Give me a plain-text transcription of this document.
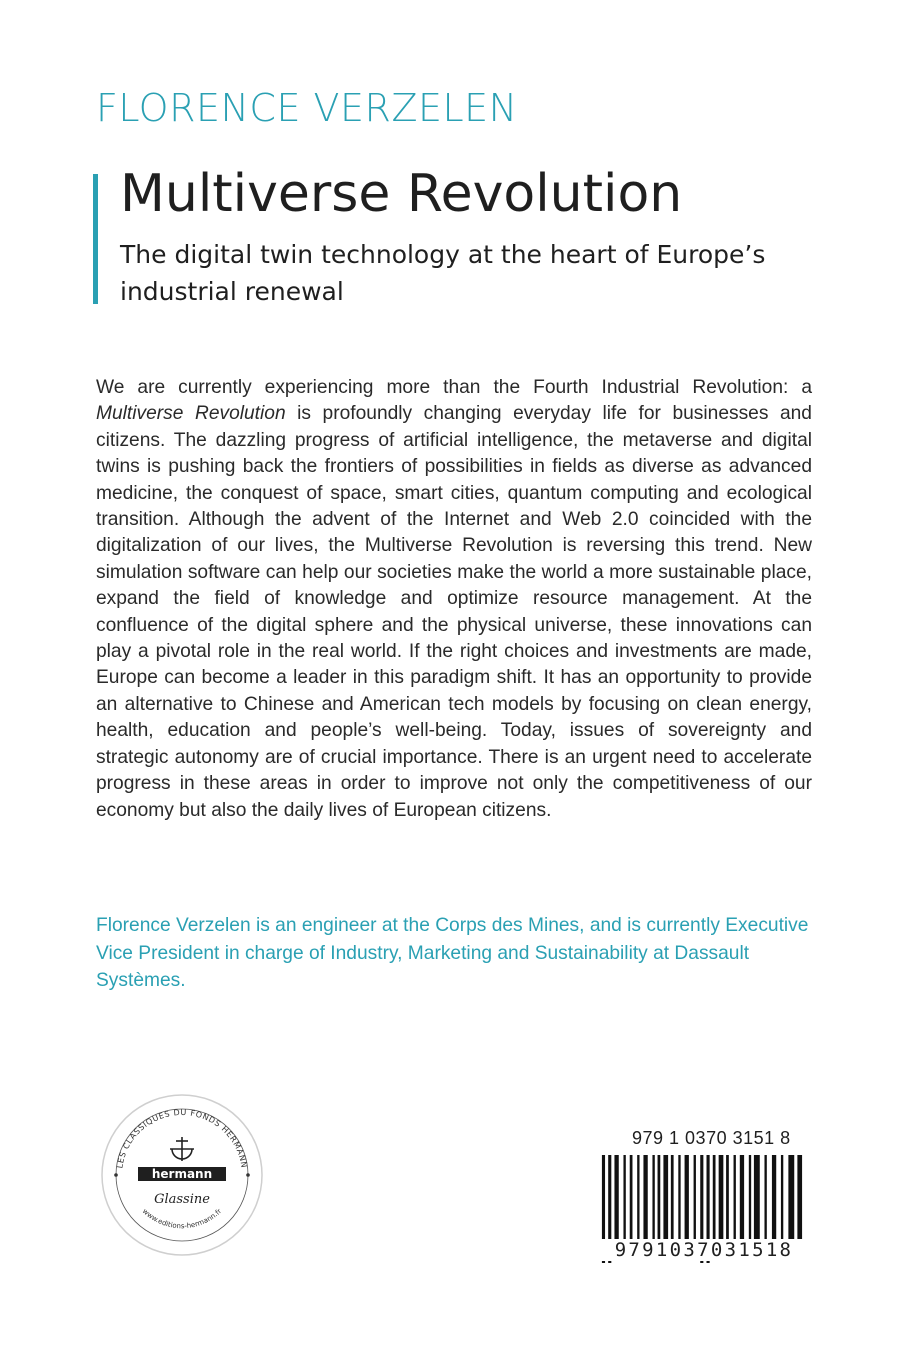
FLORENCE VERZELEN
Multiverse Revolution
The digital twin technology at the heart of Europe’s industrial renewal

We are currently experiencing more than the Fourth Industrial Revolution: a Multiverse Revolution is profoundly changing everyday life for businesses and citizens. The dazzling progress of artificial intelligence, the metaverse and digital twins is pushing back the frontiers of possibilities in fields as diverse as advanced medicine, the conquest of space, smart cities, quantum computing and ecological transition. Although the advent of the Internet and Web 2.0 coincided with the digitalization of our lives, the Multiverse Revolution is reversing this trend. New simulation software can help our societies make the world a more sustainable place, expand the field of knowledge and optimize resource management. At the confluence of the digital sphere and the physical universe, these innovations can play a pivotal role in the real world. If the right choices and investments are made, Europe can become a leader in this paradigm shift. It has an opportunity to provide an alternative to Chinese and American tech models by focusing on clean energy, health, education and people’s well-being. Today, issues of sovereignty and strategic autonomy are of crucial importance. There is an urgent need to accelerate progress in these areas in order to improve not only the competitiveness of our economy but also the daily lives of European citizens.

Florence Verzelen is an engineer at the Corps des Mines, and is currently Executive Vice President in charge of Industry, Marketing and Sustainability at Dassault Systèmes.

LES CLASSIQUES DU FONDS HERMANN
hermann
Glassine
www.editions-hermann.fr
979 1 0370 3151 8
9791037031518
